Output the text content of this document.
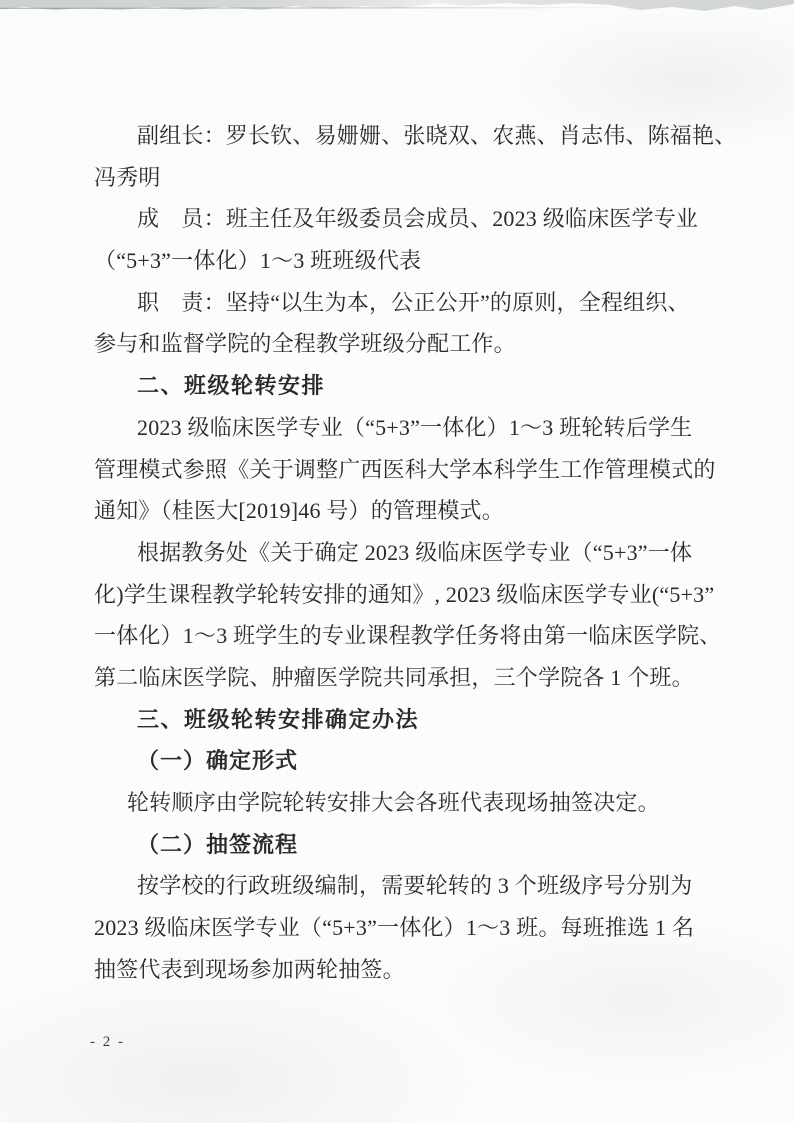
副组长：罗长钦、易姗姗、张晓双、农燕、肖志伟、陈福艳、
冯秀明
成　员：班主任及年级委员会成员、2023 级临床医学专业
（“5+3”一体化）1～3 班班级代表
职　责：坚持“以生为本，公正公开”的原则，全程组织、
参与和监督学院的全程教学班级分配工作。
二、班级轮转安排
2023 级临床医学专业（“5+3”一体化）1～3 班轮转后学生
管理模式参照《关于调整广西医科大学本科学生工作管理模式的
通知》（桂医大[2019]46 号）的管理模式。
根据教务处《关于确定 2023 级临床医学专业（“5+3”一体
化)学生课程教学轮转安排的通知》, 2023 级临床医学专业(“5+3”
一体化）1～3 班学生的专业课程教学任务将由第一临床医学院、
第二临床医学院、肿瘤医学院共同承担，三个学院各 1 个班。
三、班级轮转安排确定办法
（一）确定形式
轮转顺序由学院轮转安排大会各班代表现场抽签决定。
（二）抽签流程
按学校的行政班级编制，需要轮转的 3 个班级序号分别为
2023 级临床医学专业（“5+3”一体化）1～3 班。每班推选 1 名
抽签代表到现场参加两轮抽签。
- 2 -
